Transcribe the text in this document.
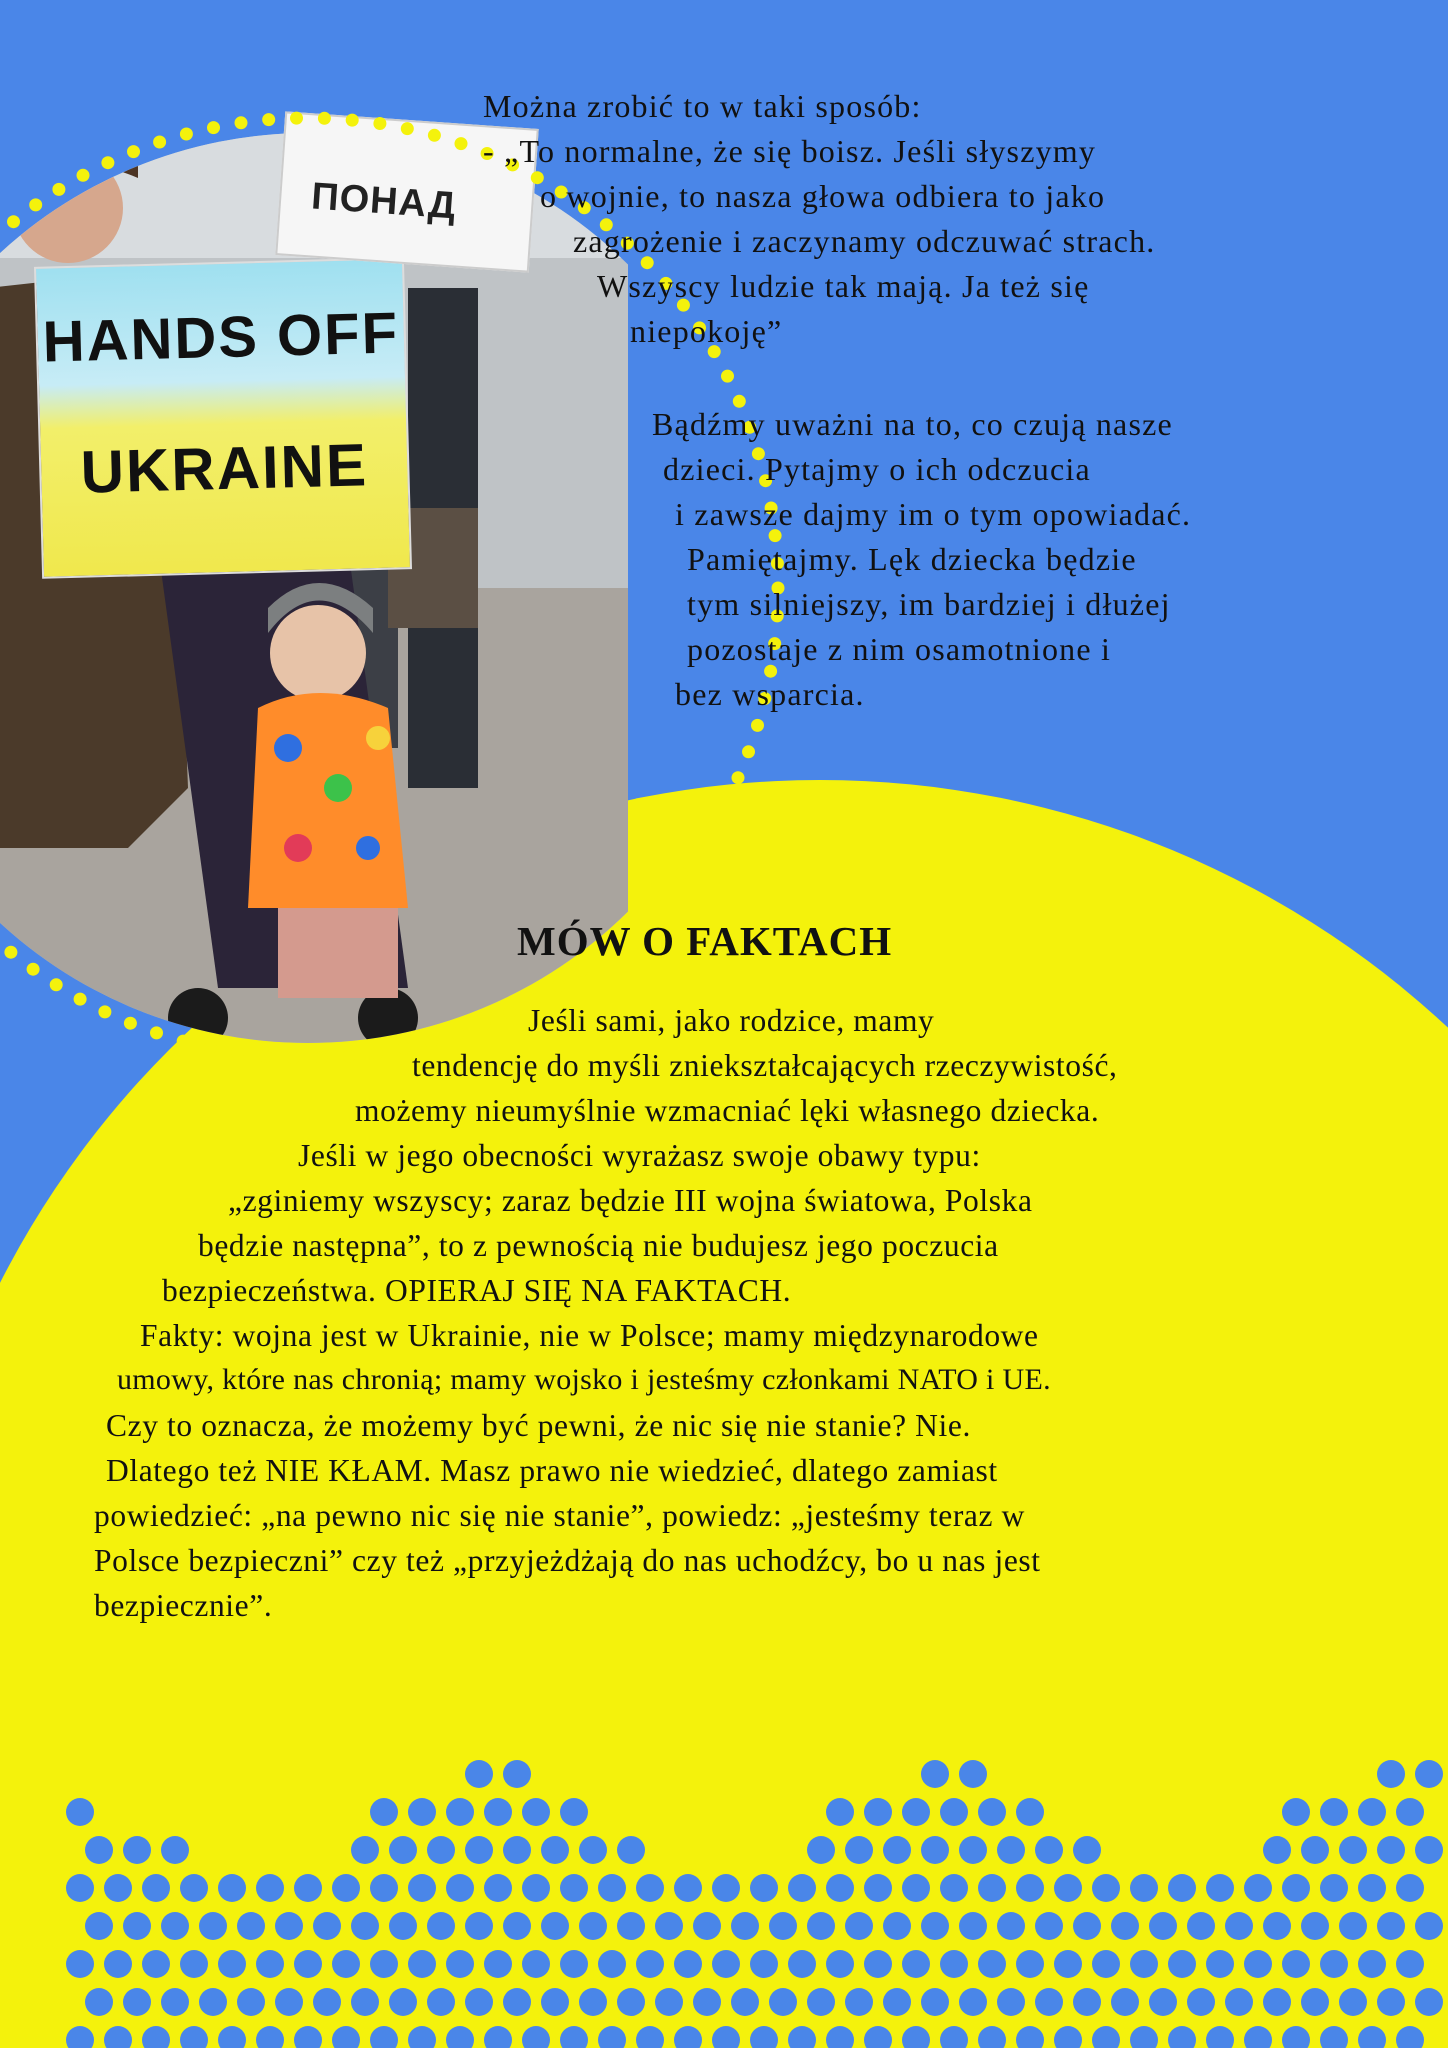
HANDS OFF
UKRAINE
ПОНАД
Można zrobić to w taki sposób:
- „To normalne, że się boisz. Jeśli słyszymy
o wojnie, to nasza głowa odbiera to jako
zagrożenie i zaczynamy odczuwać strach.
Wszyscy ludzie tak mają. Ja też się
niepokoję”
Bądźmy uważni na to, co czują nasze
dzieci. Pytajmy o ich odczucia
i zawsze dajmy im o tym opowiadać.
Pamiętajmy. Lęk dziecka będzie
tym silniejszy, im bardziej i dłużej
pozostaje z nim osamotnione i
bez wsparcia.
MÓW O FAKTACH
Jeśli sami, jako rodzice, mamy
tendencję do myśli zniekształcających rzeczywistość,
możemy nieumyślnie wzmacniać lęki własnego dziecka.
Jeśli w jego obecności wyrażasz swoje obawy typu:
„zginiemy wszyscy; zaraz będzie III wojna światowa, Polska
będzie następna”, to z pewnością nie budujesz jego poczucia
bezpieczeństwa. OPIERAJ SIĘ NA FAKTACH.
Fakty: wojna jest w Ukrainie, nie w Polsce; mamy międzynarodowe
umowy, które nas chronią; mamy wojsko i jesteśmy członkami NATO i UE.
Czy to oznacza, że możemy być pewni, że nic się nie stanie? Nie.
Dlatego też NIE KŁAM. Masz prawo nie wiedzieć, dlatego zamiast
powiedzieć: „na pewno nic się nie stanie”, powiedz: „jesteśmy teraz w
Polsce bezpieczni” czy też „przyjeżdżają do nas uchodźcy, bo u nas jest
bezpiecznie”.
